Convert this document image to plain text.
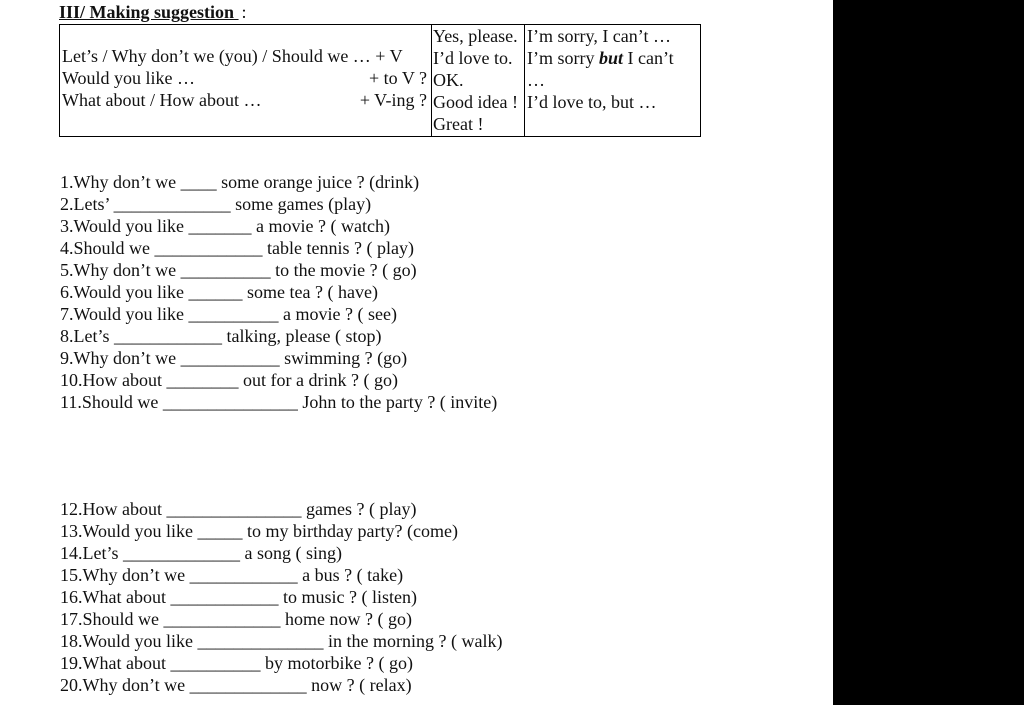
III/ Making suggestion :
Let’s / Why don’t we (you) / Should we … + V
Would you like …	+ to V ?
What about / How about …	+ V-ing ?
Yes, please.
I’d love to.
OK.
Good idea !
Great !
I’m sorry, I can’t …
I’m sorry but I can’t
…
I’d love to, but …
1.Why don’t we ____ some orange juice ? (drink)
2.Lets’ _____________ some games (play)
3.Would you like _______ a movie ? ( watch)
4.Should we ____________ table tennis ? ( play)
5.Why don’t we __________ to the movie ? ( go)
6.Would you like ______ some tea ? ( have)
7.Would you like __________ a movie ? ( see)
8.Let’s ____________ talking, please ( stop)
9.Why don’t we ___________ swimming ? (go)
10.How about ________ out for a drink ? ( go)
11.Should we _______________ John to the party ? ( invite)
12.How about _______________ games ? ( play)
13.Would you like _____ to my birthday party? (come)
14.Let’s _____________ a song ( sing)
15.Why don’t we ____________ a bus ? ( take)
16.What about ____________ to music ? ( listen)
17.Should we _____________ home now ? ( go)
18.Would you like ______________ in the morning ? ( walk)
19.What about __________ by motorbike ? ( go)
20.Why don’t we _____________ now ? ( relax)
